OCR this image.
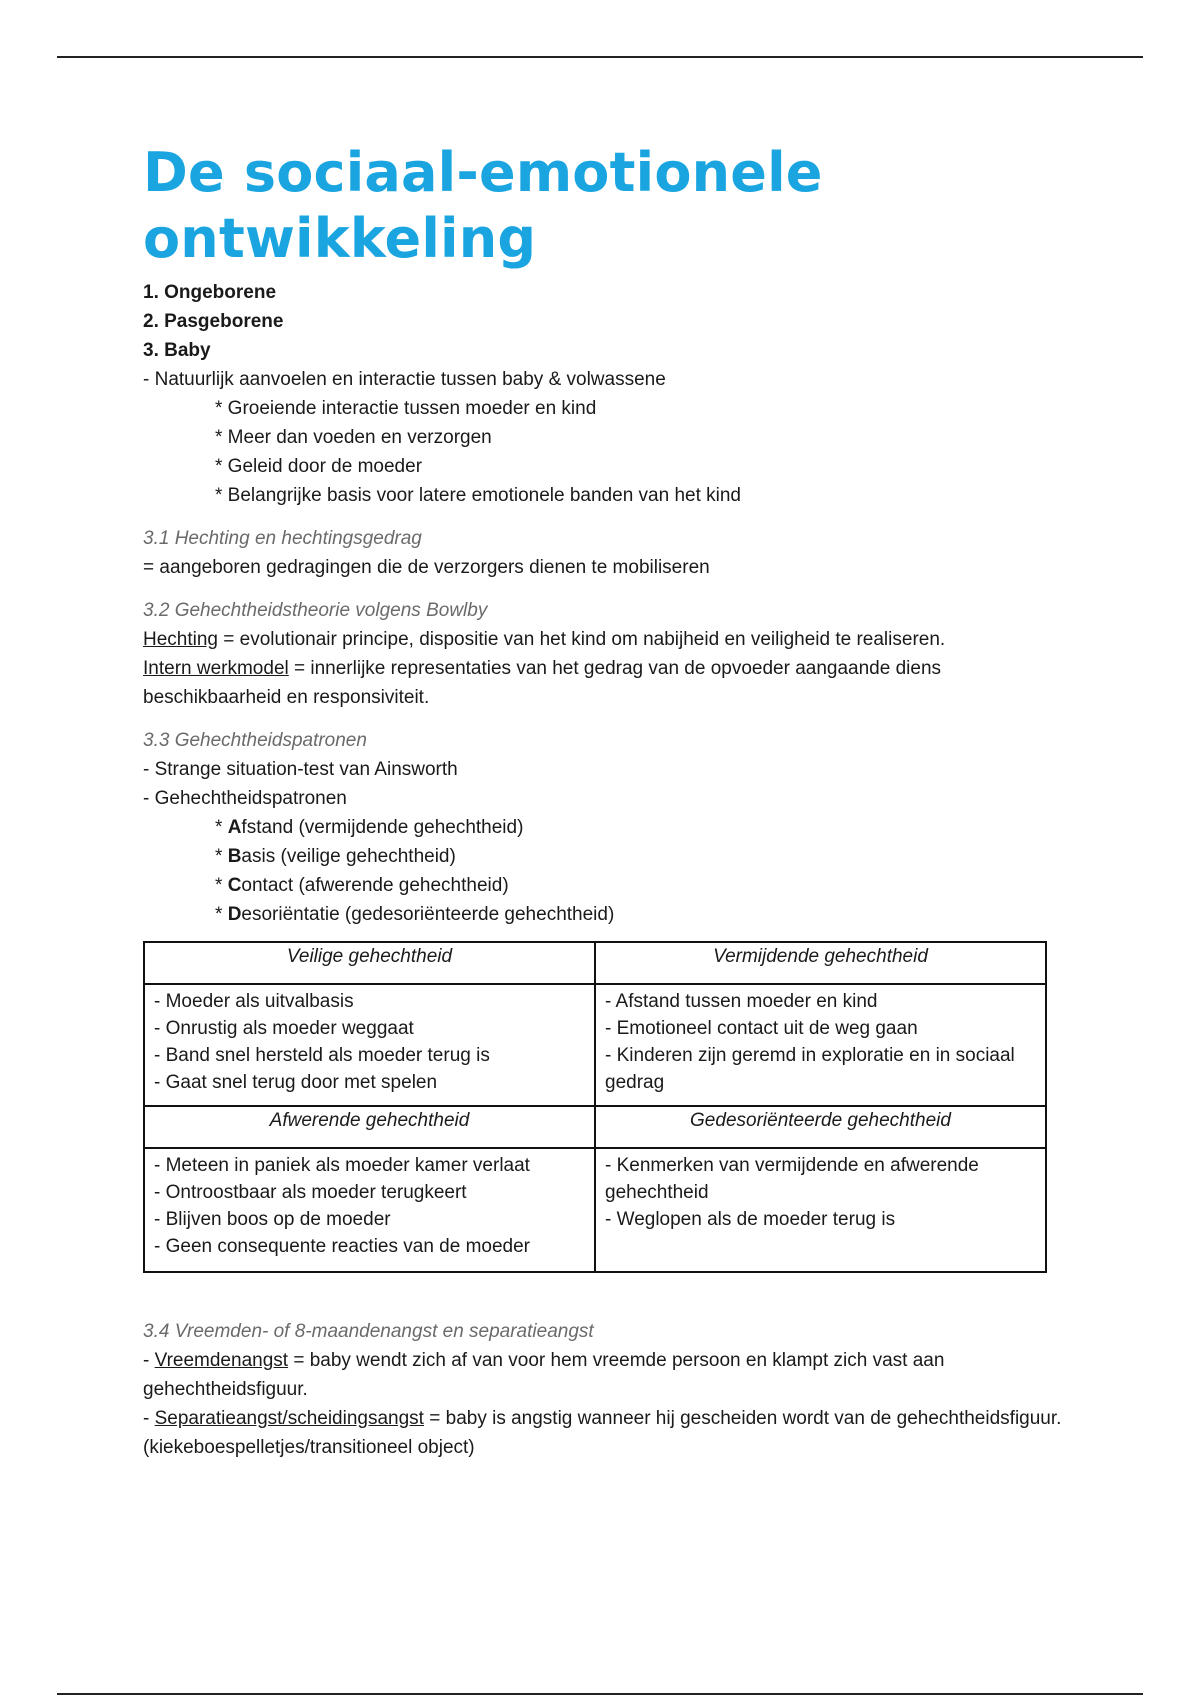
De sociaal-emotionele ontwikkeling

1. Ongeborene

2. Pasgeborene

3. Baby

- Natuurlijk aanvoelen en interactie tussen baby & volwassene

* Groeiende interactie tussen moeder en kind

* Meer dan voeden en verzorgen

* Geleid door de moeder

* Belangrijke basis voor latere emotionele banden van het kind

3.1 Hechting en hechtingsgedrag

= aangeboren gedragingen die de verzorgers dienen te mobiliseren

3.2 Gehechtheidstheorie volgens Bowlby

Hechting = evolutionair principe, dispositie van het kind om nabijheid en veiligheid te realiseren.

Intern werkmodel = innerlijke representaties van het gedrag van de opvoeder aangaande diens beschikbaarheid en responsiviteit.

3.3 Gehechtheidspatronen

- Strange situation-test van Ainsworth

- Gehechtheidspatronen

* Afstand (vermijdende gehechtheid)

* Basis (veilige gehechtheid)

* Contact (afwerende gehechtheid)

* Desoriëntatie (gedesoriënteerde gehechtheid)

Veilige gehechtheid	Vermijdende gehechtheid

- Moeder als uitvalbasis
- Onrustig als moeder weggaat
- Band snel hersteld als moeder terug is
- Gaat snel terug door met spelen	- Afstand tussen moeder en kind
- Emotioneel contact uit de weg gaan
- Kinderen zijn geremd in exploratie en in sociaal gedrag

Afwerende gehechtheid	Gedesoriënteerde gehechtheid

- Meteen in paniek als moeder kamer verlaat
- Ontroostbaar als moeder terugkeert
- Blijven boos op de moeder
- Geen consequente reacties van de moeder	- Kenmerken van vermijdende en afwerende gehechtheid
- Weglopen als de moeder terug is
3.4 Vreemden- of 8-maandenangst en separatieangst

- Vreemdenangst = baby wendt zich af van voor hem vreemde persoon en klampt zich vast aan gehechtheidsfiguur.

- Separatieangst/scheidingsangst = baby is angstig wanneer hij gescheiden wordt van de gehechtheidsfiguur. (kiekeboespelletjes/transitioneel object)
